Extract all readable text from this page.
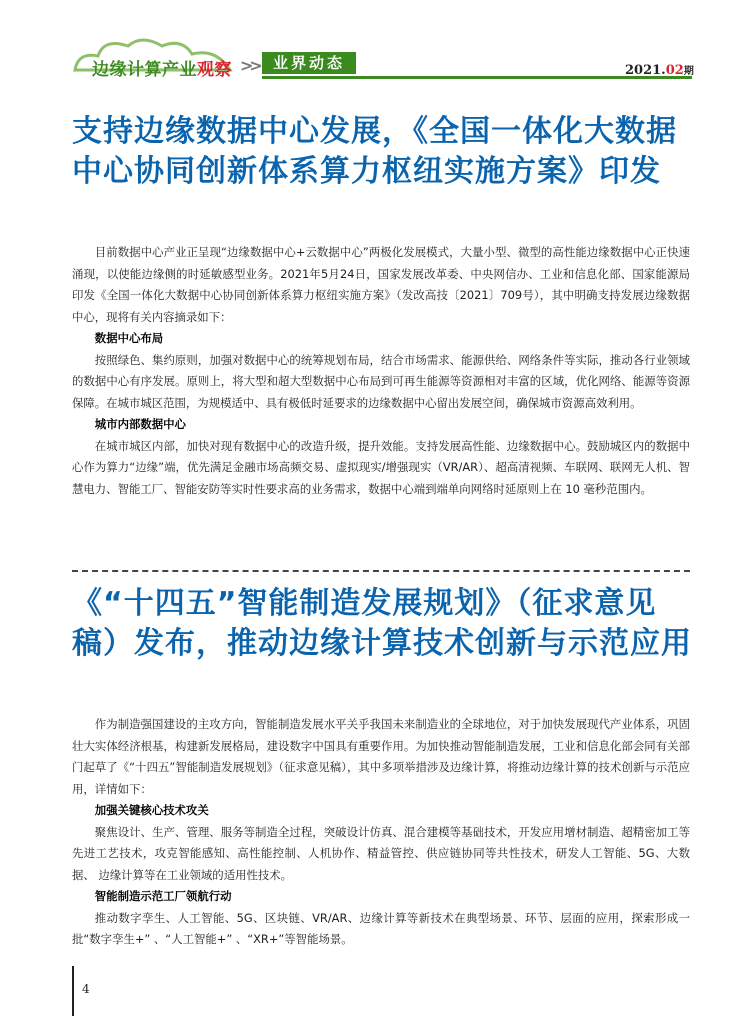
边缘计算产业观察 >> 业界动态	2021.02期
支持边缘数据中心发展，《全国一体化大数据中心协同创新体系算力枢纽实施方案》印发

目前数据中心产业正呈现“边缘数据中心+云数据中心”两极化发展模式，大量小型、微型的高性能边缘数据中心正快速涌现，以使能边缘侧的时延敏感型业务。2021年5月24日，国家发展改革委、中央网信办、工业和信息化部、国家能源局印发《全国一体化大数据中心协同创新体系算力枢纽实施方案》（发改高技〔2021〕709号），其中明确支持发展边缘数据中心，现将有关内容摘录如下：

数据中心布局

按照绿色、集约原则，加强对数据中心的统筹规划布局，结合市场需求、能源供给、网络条件等实际，推动各行业领域的数据中心有序发展。原则上，将大型和超大型数据中心布局到可再生能源等资源相对丰富的区域，优化网络、能源等资源保障。在城市城区范围，为规模适中、具有极低时延要求的边缘数据中心留出发展空间，确保城市资源高效利用。

城市内部数据中心

在城市城区内部，加快对现有数据中心的改造升级，提升效能。支持发展高性能、边缘数据中心。鼓励城区内的数据中心作为算力“边缘”端，优先满足金融市场高频交易、虚拟现实/增强现实（VR/AR）、超高清视频、车联网、联网无人机、智慧电力、智能工厂、智能安防等实时性要求高的业务需求，数据中心端到端单向网络时延原则上在 10 毫秒范围内。

《“十四五”智能制造发展规划》（征求意见稿）发布，推动边缘计算技术创新与示范应用

作为制造强国建设的主攻方向，智能制造发展水平关乎我国未来制造业的全球地位，对于加快发展现代产业体系，巩固壮大实体经济根基，构建新发展格局，建设数字中国具有重要作用。为加快推动智能制造发展，工业和信息化部会同有关部门起草了《“十四五”智能制造发展规划》（征求意见稿），其中多项举措涉及边缘计算，将推动边缘计算的技术创新与示范应用，详情如下：

加强关键核心技术攻关

聚焦设计、生产、管理、服务等制造全过程，突破设计仿真、混合建模等基础技术，开发应用增材制造、超精密加工等先进工艺技术，攻克智能感知、高性能控制、人机协作、精益管控、供应链协同等共性技术，研发人工智能、5G、大数据、 边缘计算等在工业领域的适用性技术。

智能制造示范工厂领航行动

推动数字孪生、人工智能、5G、区块链、VR/AR、边缘计算等新技术在典型场景、环节、层面的应用，探索形成一批“数字孪生+” 、“人工智能+” 、“XR+”等智能场景。

4
